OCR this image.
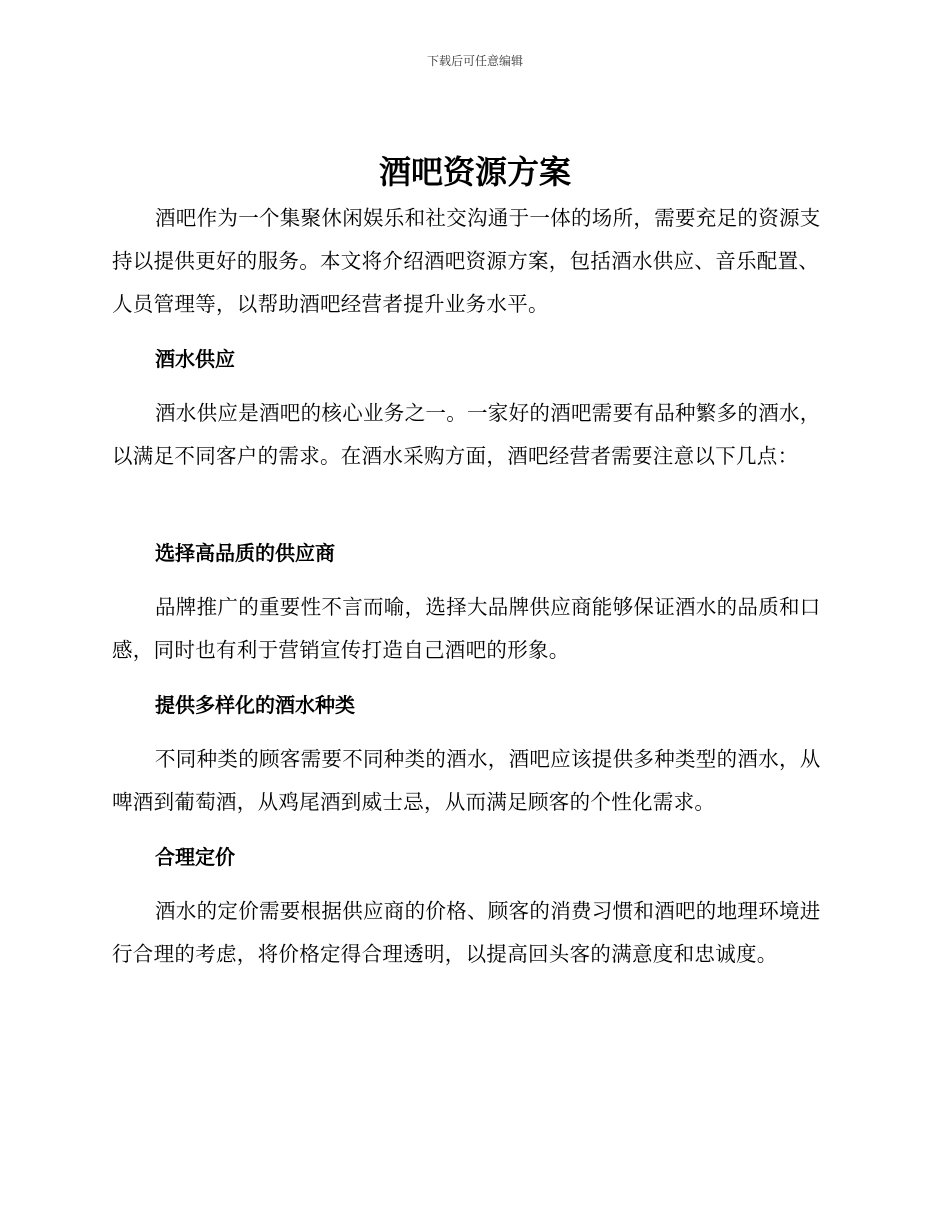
下载后可任意编辑
酒吧资源方案

酒吧作为一个集聚休闲娱乐和社交沟通于一体的场所，需要充足的资源支持以提供更好的服务。本文将介绍酒吧资源方案，包括酒水供应、音乐配置、人员管理等，以帮助酒吧经营者提升业务水平。

酒水供应

酒水供应是酒吧的核心业务之一。一家好的酒吧需要有品种繁多的酒水，以满足不同客户的需求。在酒水采购方面，酒吧经营者需要注意以下几点：

选择高品质的供应商

品牌推广的重要性不言而喻，选择大品牌供应商能够保证酒水的品质和口感，同时也有利于营销宣传打造自己酒吧的形象。

提供多样化的酒水种类

不同种类的顾客需要不同种类的酒水，酒吧应该提供多种类型的酒水，从啤酒到葡萄酒，从鸡尾酒到威士忌，从而满足顾客的个性化需求。

合理定价

酒水的定价需要根据供应商的价格、顾客的消费习惯和酒吧的地理环境进行合理的考虑，将价格定得合理透明，以提高回头客的满意度和忠诚度。
